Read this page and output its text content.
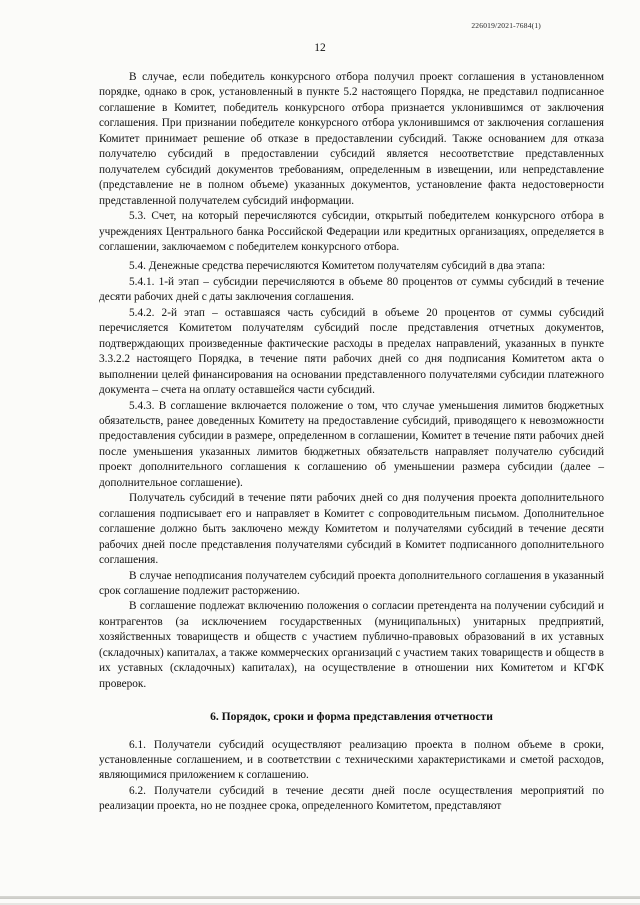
226019/2021-7684(1)
12

В случае, если победитель конкурсного отбора получил проект соглашения в установленном порядке, однако в срок, установленный в пункте 5.2 настоящего Порядка, не представил подписанное соглашение в Комитет, победитель конкурсного отбора признается уклонившимся от заключения соглашения. При признании победителе конкурсного отбора уклонившимся от заключения соглашения Комитет принимает решение об отказе в предоставлении субсидий. Также основанием для отказа получателю субсидий в предоставлении субсидий является несоответствие представленных получателем субсидий документов требованиям, определенным в извещении, или непредставление (представление не в полном объеме) указанных документов, установление факта недостоверности представленной получателем субсидий информации.

5.3. Счет, на который перечисляются субсидии, открытый победителем конкурсного отбора в учреждениях Центрального банка Российской Федерации или кредитных организациях, определяется в соглашении, заключаемом с победителем конкурсного отбора.

5.4. Денежные средства перечисляются Комитетом получателям субсидий в два этапа:

5.4.1. 1-й этап – субсидии перечисляются в объеме 80 процентов от суммы субсидий в течение десяти рабочих дней с даты заключения соглашения.

5.4.2. 2-й этап – оставшаяся часть субсидий в объеме 20 процентов от суммы субсидий перечисляется Комитетом получателям субсидий после представления отчетных документов, подтверждающих произведенные фактические расходы в пределах направлений, указанных в пункте 3.3.2.2 настоящего Порядка, в течение пяти рабочих дней со дня подписания Комитетом акта о выполнении целей финансирования на основании представленного получателями субсидии платежного документа – счета на оплату оставшейся части субсидий.

5.4.3. В соглашение включается положение о том, что случае уменьшения лимитов бюджетных обязательств, ранее доведенных Комитету на предоставление субсидий, приводящего к невозможности предоставления субсидии в размере, определенном в соглашении, Комитет в течение пяти рабочих дней после уменьшения указанных лимитов бюджетных обязательств направляет получателю субсидий проект дополнительного соглашения к соглашению об уменьшении размера субсидии (далее – дополнительное соглашение).

Получатель субсидий в течение пяти рабочих дней со дня получения проекта дополнительного соглашения подписывает его и направляет в Комитет с сопроводительным письмом. Дополнительное соглашение должно быть заключено между Комитетом и получателями субсидий в течение десяти рабочих дней после представления получателями субсидий в Комитет подписанного дополнительного соглашения.

В случае неподписания получателем субсидий проекта дополнительного соглашения в указанный срок соглашение подлежит расторжению.

В соглашение подлежат включению положения о согласии претендента на получении субсидий и контрагентов (за исключением государственных (муниципальных) унитарных предприятий, хозяйственных товариществ и обществ с участием публично-правовых образований в их уставных (складочных) капиталах, а также коммерческих организаций с участием таких товариществ и обществ в их уставных (складочных) капиталах), на осуществление в отношении них Комитетом и КГФК проверок.

6. Порядок, сроки и форма представления отчетности

6.1. Получатели субсидий осуществляют реализацию проекта в полном объеме в сроки, установленные соглашением, и в соответствии с техническими характеристиками и сметой расходов, являющимися приложением к соглашению.

6.2. Получатели субсидий в течение десяти дней после осуществления мероприятий по реализации проекта, но не позднее срока, определенного Комитетом, представляют
